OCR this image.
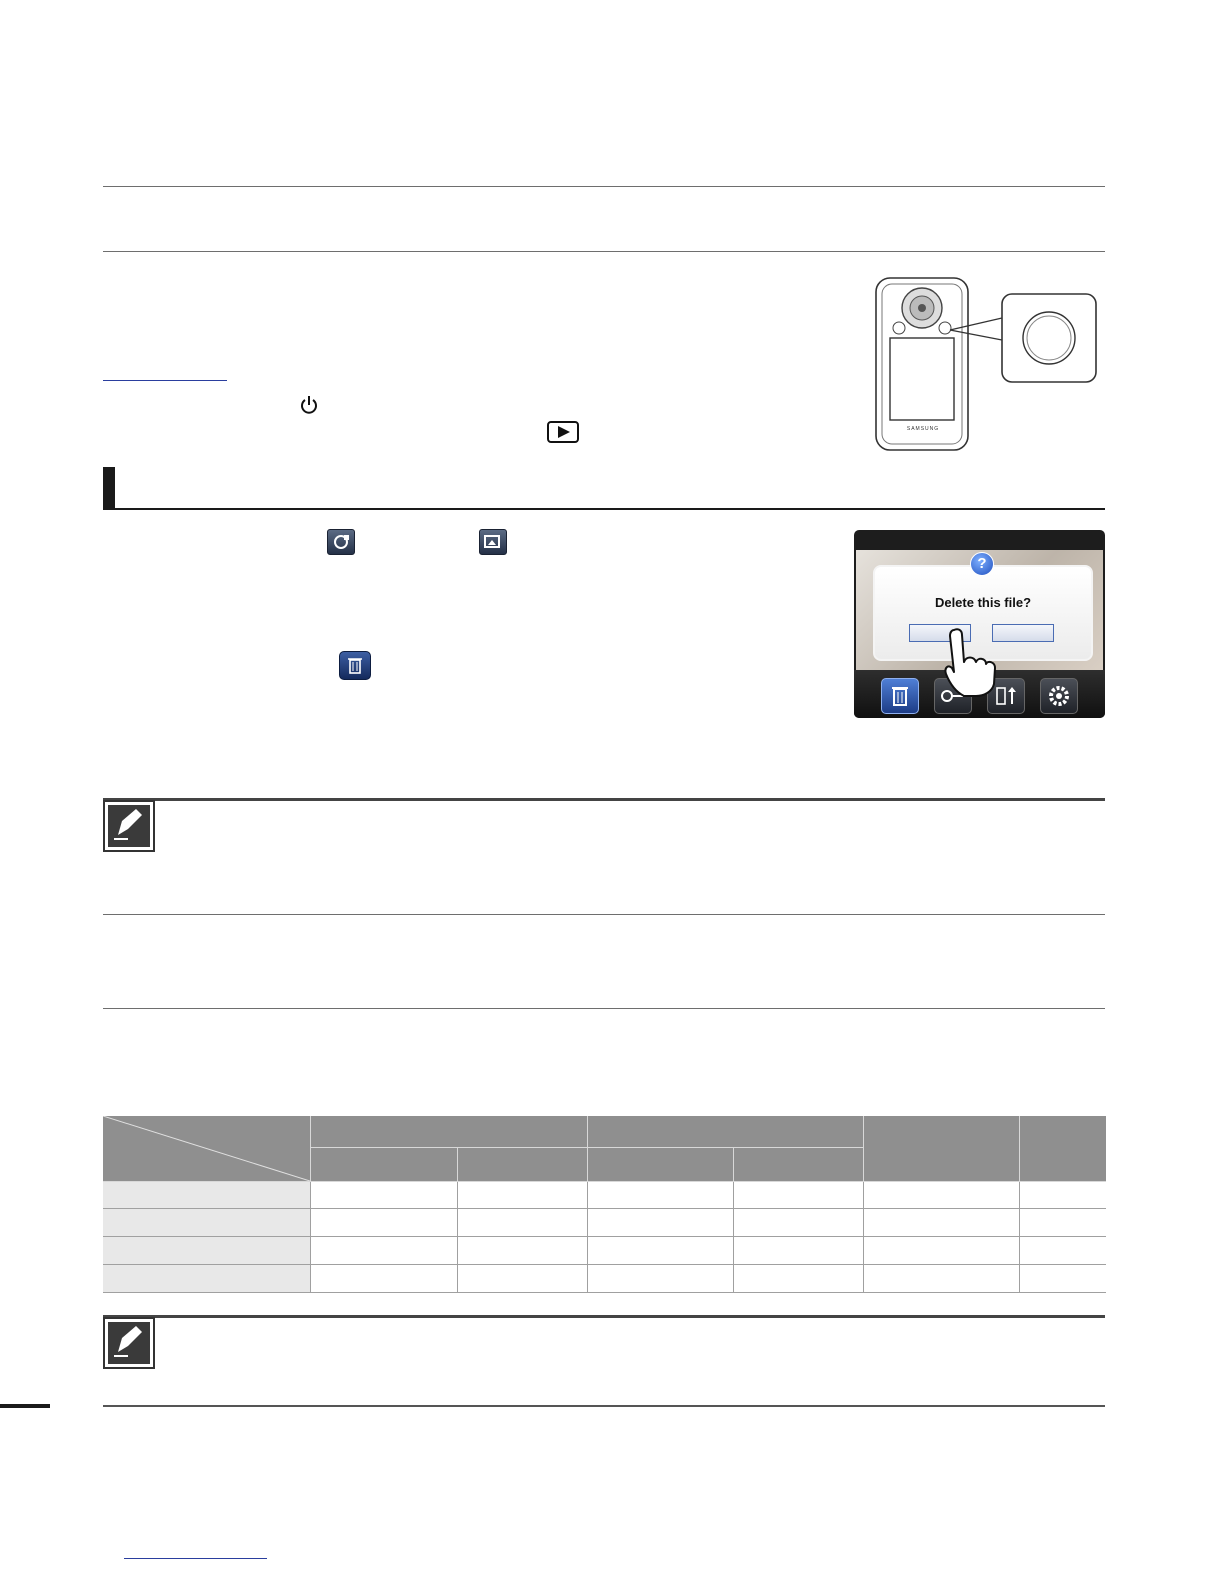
SAMSUNG
Delete this file?
?
